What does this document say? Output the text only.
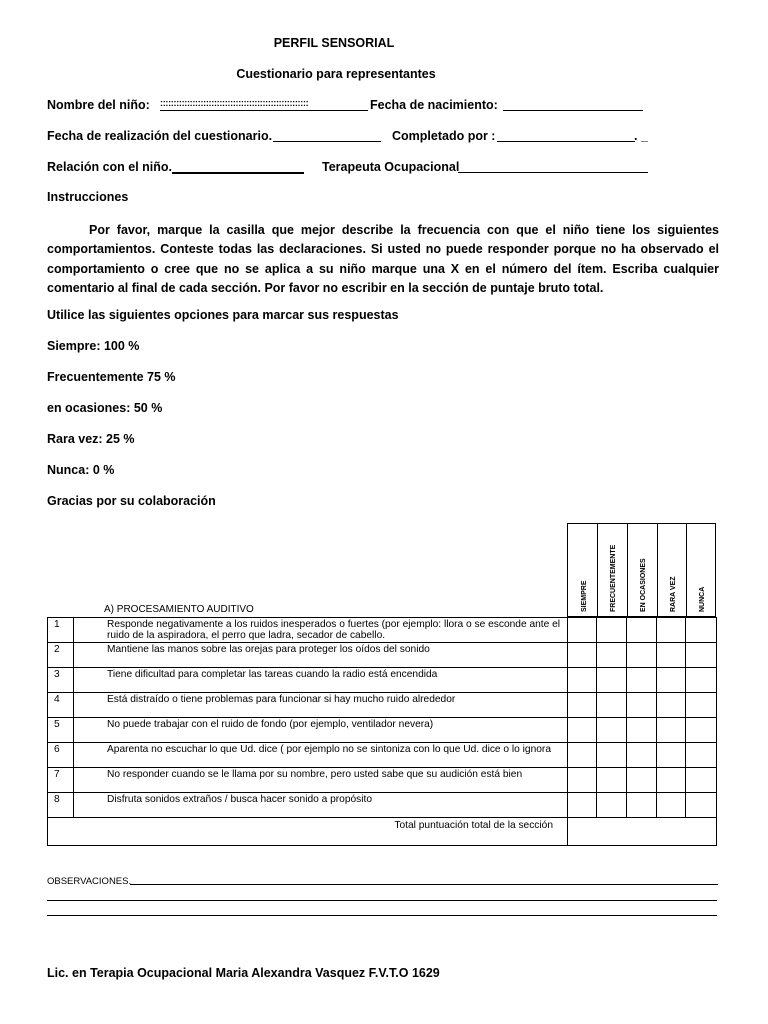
PERFIL SENSORIAL
Cuestionario para representantes
Nombre del niño: :::::::::::::::::::::::::::::::::::::::::::::::::::::::	Fecha de nacimiento:
Fecha de realización del cuestionario.	Completado por :	. _
Relación con el niño.	Terapeuta Ocupacional
Instrucciones
Por favor, marque la casilla que mejor describe la frecuencia con que el niño tiene los siguientes comportamientos. Conteste todas las declaraciones. Si usted no puede responder porque no ha observado el comportamiento o cree que no se aplica a su niño marque una X en el número del ítem. Escriba cualquier comentario al final de cada sección. Por favor no escribir en la sección de puntaje bruto total.
Utilice las siguientes opciones para marcar sus respuestas
Siempre: 100 %
Frecuentemente 75 %
en ocasiones: 50 %
Rara vez: 25 %
Nunca: 0 %
Gracias por su colaboración
SIEMPRE	FRECUENTEMENTE	EN OCASIONES	RARA VEZ	NUNCA
A) PROCESAMIENTO AUDITIVO
1	Responde negativamente a los ruidos inesperados o fuertes (por ejemplo: llora o se esconde ante el ruido de la aspiradora, el perro que ladra, secador de cabello.					
2	Mantiene las manos sobre las orejas para proteger los oídos del sonido					
3	Tiene dificultad para completar las tareas cuando la radio está encendida					
4	Está distraído o tiene problemas para funcionar si hay mucho ruido alrededor					
5	No puede trabajar con el ruido de fondo (por ejemplo, ventilador nevera)					
6	Aparenta no escuchar lo que Ud. dice ( por ejemplo no se sintoniza con lo que Ud. dice o lo ignora					
7	No responder cuando se le llama por su nombre, pero usted sabe que su audición está bien					
8	Disfruta sonidos extraños / busca hacer sonido a propósito					
Total puntuación total de la sección						
OBSERVACIONES.
Lic. en Terapia Ocupacional Maria Alexandra Vasquez F.V.T.O 1629
